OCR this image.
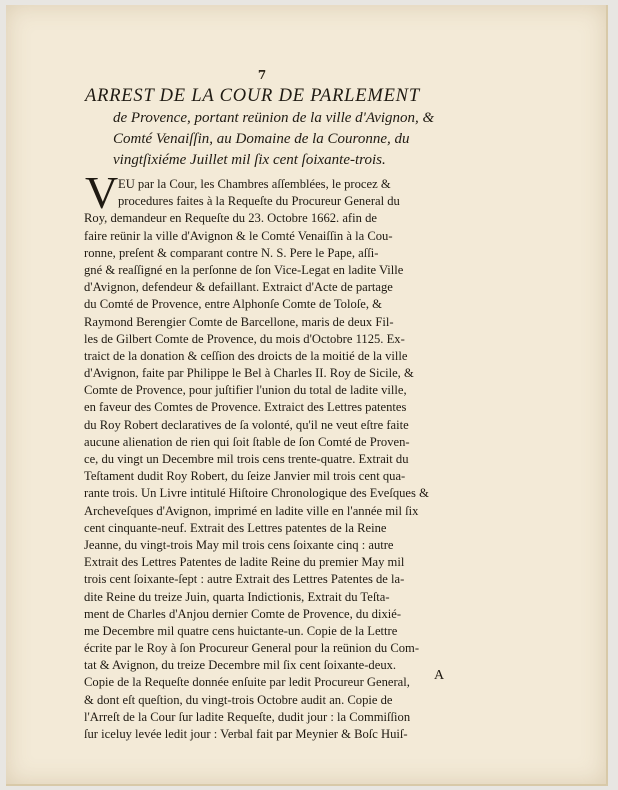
7
ARREST DE LA COUR DE PARLEMENT
de Provence, portant reünion de la ville d'Avignon, &
Comté Venaiſſin, au Domaine de la Couronne, du
vingtſixiéme Juillet mil ſix cent ſoixante-trois.
V EU par la Cour, les Chambres aſſemblées, le procez &
procedures faites à la Requeſte du Procureur General du
Roy, demandeur en Requeſte du 23. Octobre 1662. afin de
faire reünir la ville d'Avignon & le Comté Venaiſſin à la Cou-
ronne, preſent & comparant contre N. S. Pere le Pape, aſſi-
gné & reaſſigné en la perſonne de ſon Vice-Legat en ladite Ville
d'Avignon, defendeur & defaillant. Extraict d'Acte de partage
du Comté de Provence, entre Alphonſe Comte de Toloſe, &
Raymond Berengier Comte de Barcellone, maris de deux Fil-
les de Gilbert Comte de Provence, du mois d'Octobre 1125. Ex-
traict de la donation & ceſſion des droicts de la moitié de la ville
d'Avignon, faite par Philippe le Bel à Charles II. Roy de Sicile, &
Comte de Provence, pour juſtifier l'union du total de ladite ville,
en faveur des Comtes de Provence. Extraict des Lettres patentes
du Roy Robert declaratives de ſa volonté, qu'il ne veut eſtre faite
aucune alienation de rien qui ſoit ſtable de ſon Comté de Proven-
ce, du vingt un Decembre mil trois cens trente-quatre. Extrait du
Teſtament dudit Roy Robert, du ſeize Janvier mil trois cent qua-
rante trois. Un Livre intitulé Hiſtoire Chronologique des Eveſques &
Archeveſques d'Avignon, imprimé en ladite ville en l'année mil ſix
cent cinquante-neuf. Extrait des Lettres patentes de la Reine
Jeanne, du vingt-trois May mil trois cens ſoixante cinq : autre
Extrait des Lettres Patentes de ladite Reine du premier May mil
trois cent ſoixante-ſept : autre Extrait des Lettres Patentes de la-
dite Reine du treize Juin, quarta Indictionis, Extrait du Teſta-
ment de Charles d'Anjou dernier Comte de Provence, du dixié-
me Decembre mil quatre cens huictante-un. Copie de la Lettre
écrite par le Roy à ſon Procureur General pour la reünion du Com-
tat & Avignon, du treize Decembre mil ſix cent ſoixante-deux.
Copie de la Requeſte donnée enſuite par ledit Procureur General,
& dont eſt queſtion, du vingt-trois Octobre audit an. Copie de
l'Arreſt de la Cour ſur ladite Requeſte, dudit jour : la Commiſſion
ſur iceluy levée ledit jour : Verbal fait par Meynier & Boſc Huiſ-
A
